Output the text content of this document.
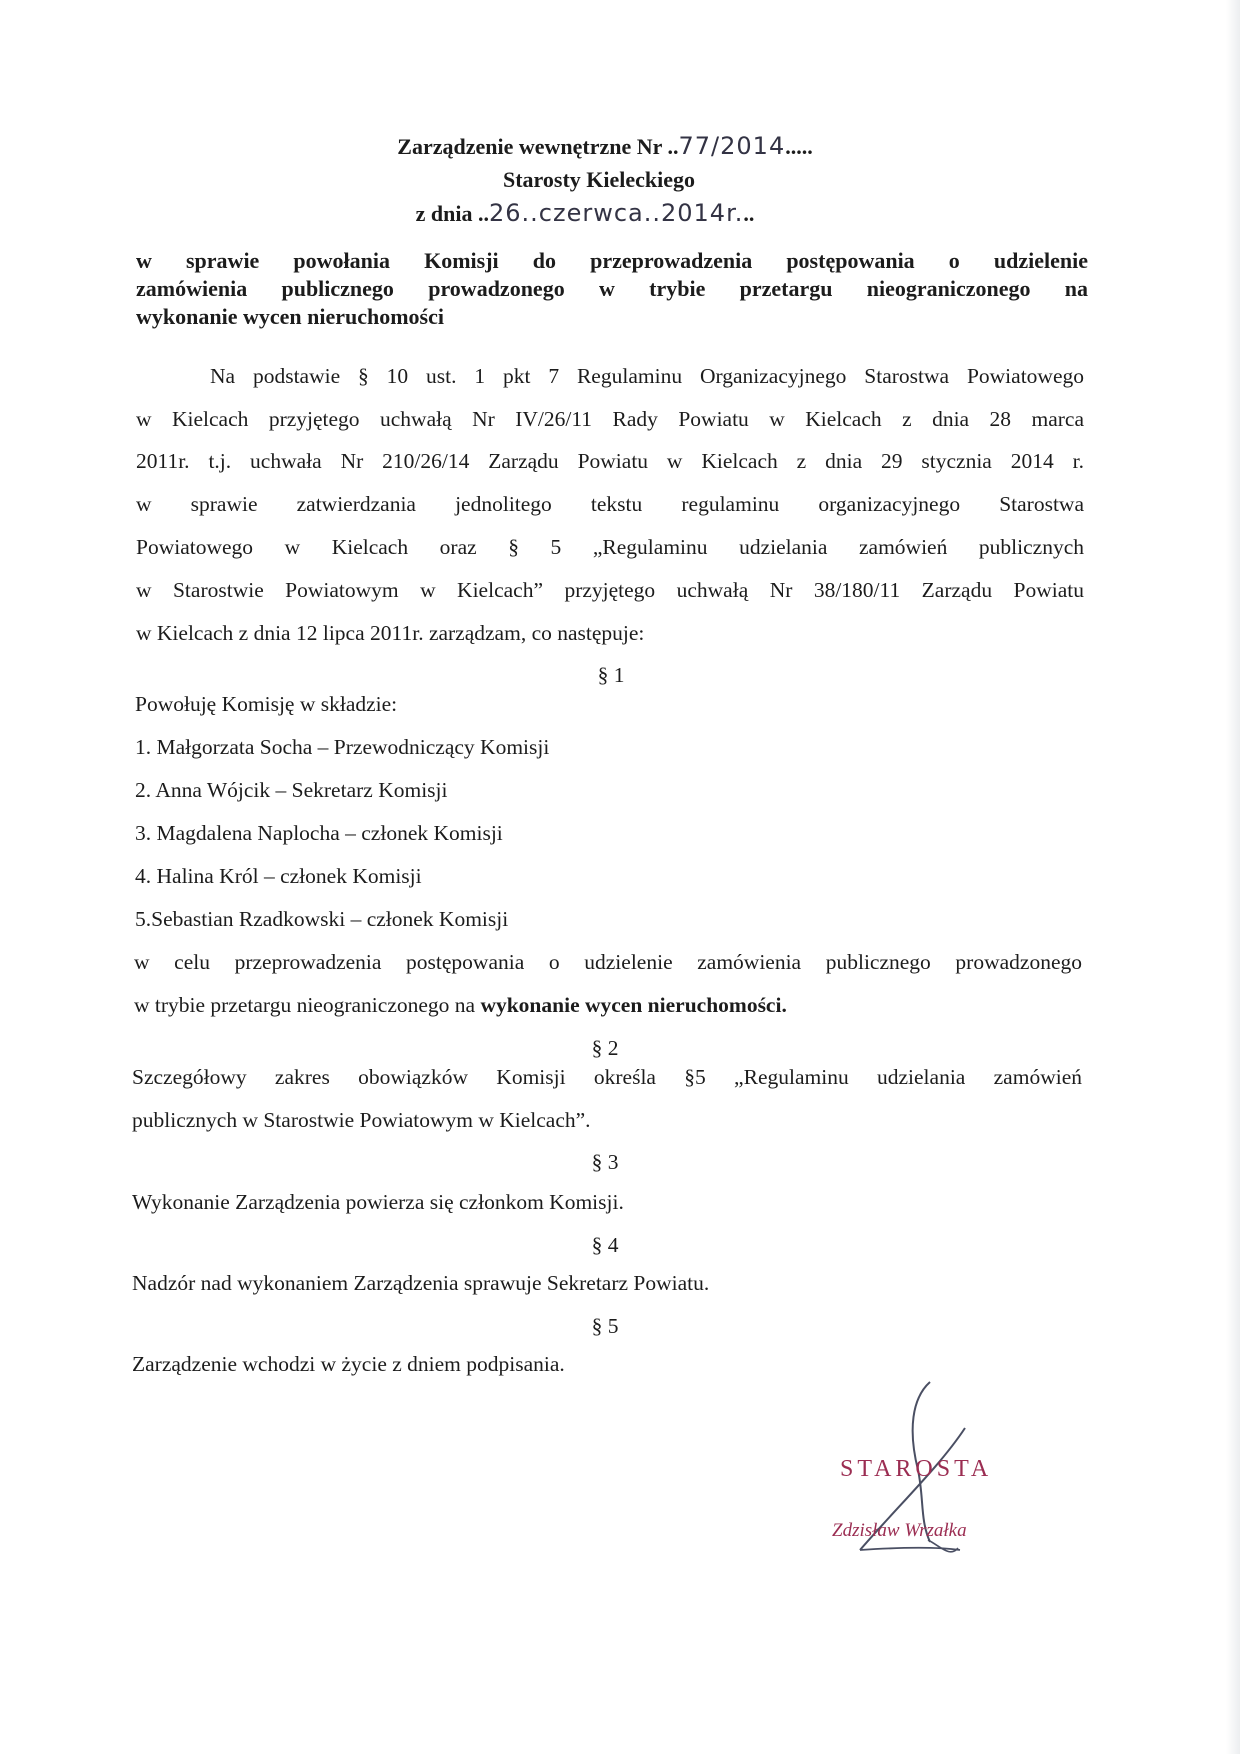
Zarządzenie wewnętrzne Nr ..77/2014.....
Starosty Kieleckiego
z dnia ..26..czerwca..2014r...
w sprawie powołania Komisji do przeprowadzenia postępowania o udzielenie
zamówienia publicznego prowadzonego w trybie przetargu nieograniczonego na
wykonanie wycen nieruchomości
Na podstawie § 10 ust. 1 pkt 7 Regulaminu Organizacyjnego Starostwa Powiatowego
w Kielcach przyjętego uchwałą Nr IV/26/11 Rady Powiatu w Kielcach z dnia 28 marca
2011r. t.j. uchwała Nr 210/26/14 Zarządu Powiatu w Kielcach z dnia 29 stycznia 2014 r.
w sprawie zatwierdzania jednolitego tekstu regulaminu organizacyjnego Starostwa
Powiatowego w Kielcach oraz § 5 „Regulaminu udzielania zamówień publicznych
w Starostwie Powiatowym w Kielcach” przyjętego uchwałą Nr 38/180/11 Zarządu Powiatu
w Kielcach z dnia 12 lipca 2011r. zarządzam, co następuje:
§ 1
Powołuję Komisję w składzie:
1. Małgorzata Socha – Przewodniczący Komisji
2. Anna Wójcik – Sekretarz Komisji
3. Magdalena Naplocha – członek Komisji
4. Halina Król – członek Komisji
5.Sebastian Rzadkowski – członek Komisji
w celu przeprowadzenia postępowania o udzielenie zamówienia publicznego prowadzonego
w trybie przetargu nieograniczonego na wykonanie wycen nieruchomości.
§ 2
Szczegółowy zakres obowiązków Komisji określa §5 „Regulaminu udzielania zamówień
publicznych w Starostwie Powiatowym w Kielcach”.
§ 3
Wykonanie Zarządzenia powierza się członkom Komisji.
§ 4
Nadzór nad wykonaniem Zarządzenia sprawuje Sekretarz Powiatu.
§ 5
Zarządzenie wchodzi w życie z dniem podpisania.
STAROSTA
Zdzisław Wrzałka
